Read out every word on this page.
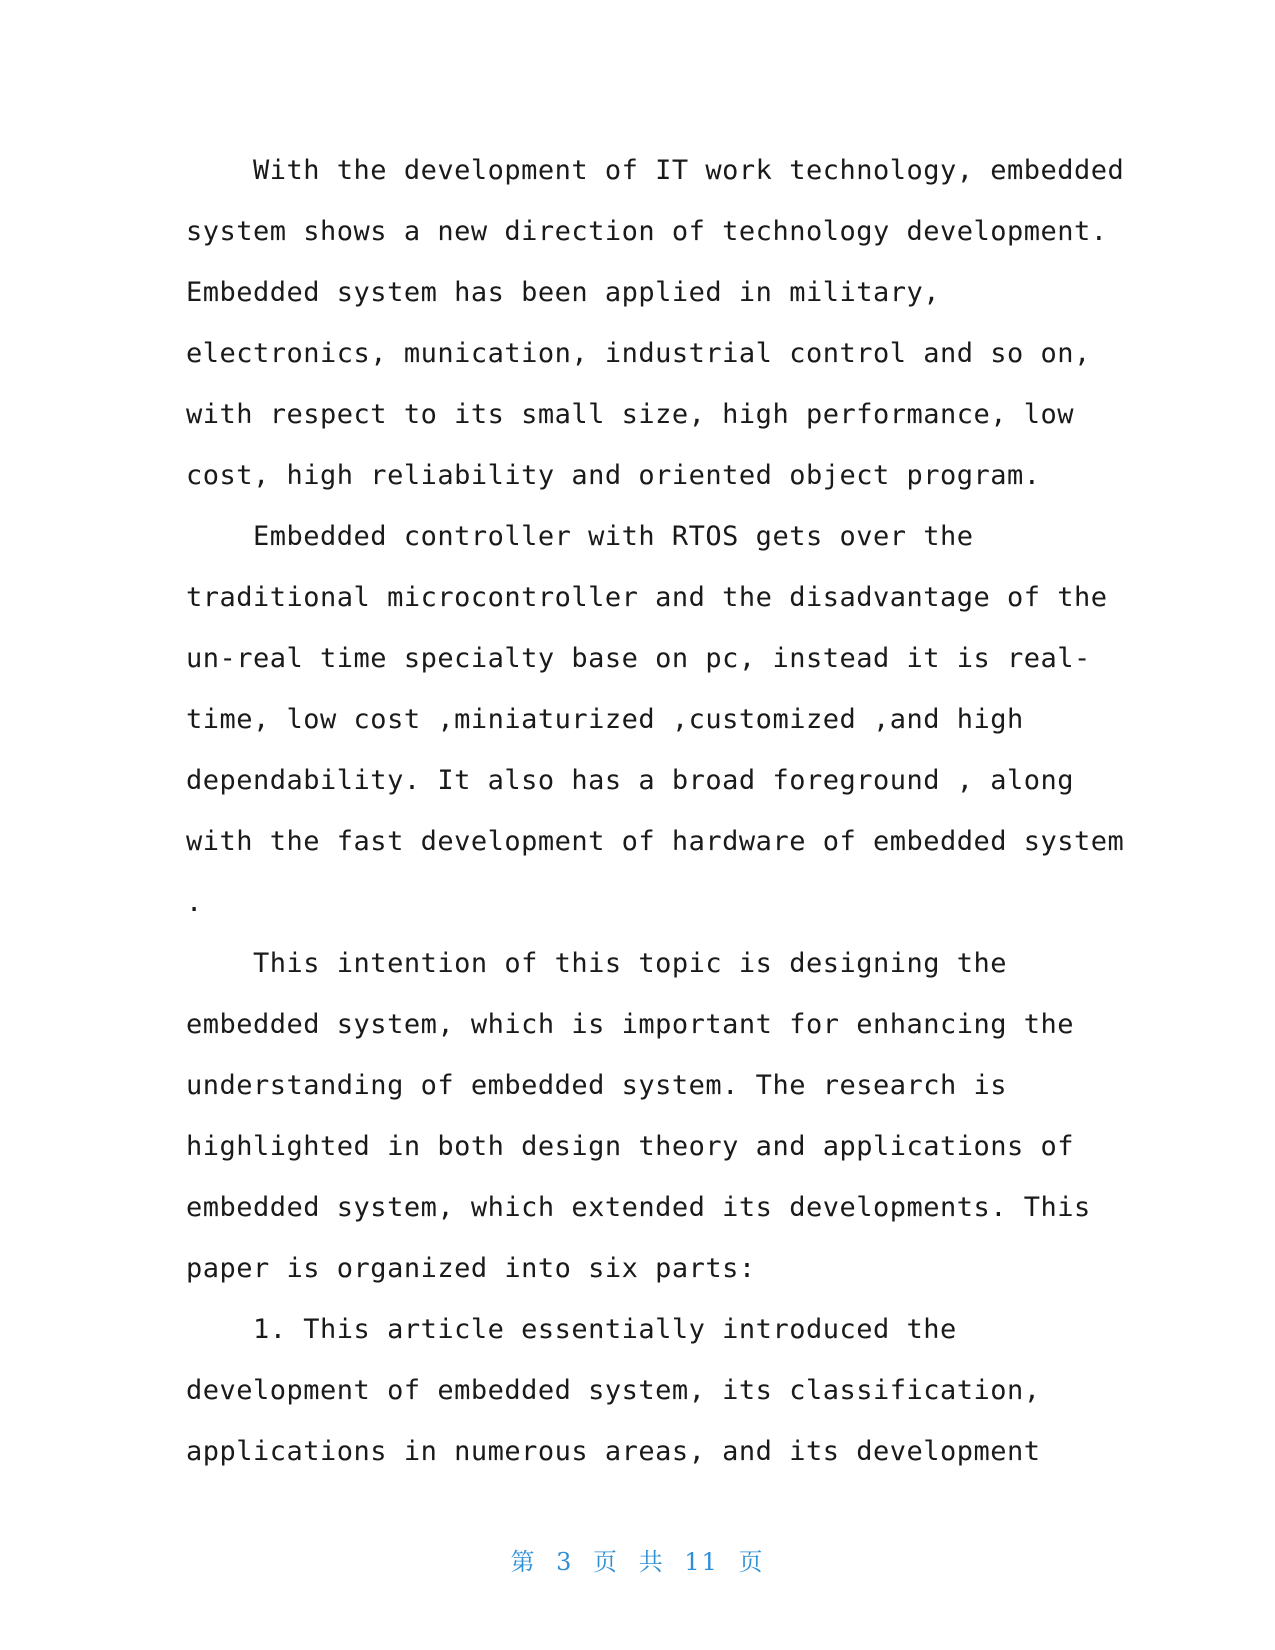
With the development of IT work technology, embedded
system shows a new direction of technology development.
Embedded system has been applied in military,
electronics, munication, industrial control and so on,
with respect to its small size, high performance, low
cost, high reliability and oriented object program.
Embedded controller with RTOS gets over the
traditional microcontroller and the disadvantage of the
un-real time specialty base on pc, instead it is real-
time, low cost ,miniaturized ,customized ,and high
dependability. It also has a broad foreground , along
with the fast development of hardware of embedded system
.
This intention of this topic is designing the
embedded system, which is important for enhancing the
understanding of embedded system. The research is
highlighted in both design theory and applications of
embedded system, which extended its developments. This
paper is organized into six parts:
1. This article essentially introduced the
development of embedded system, its classification,
applications in numerous areas, and its development
第 3 页 共 11 页
